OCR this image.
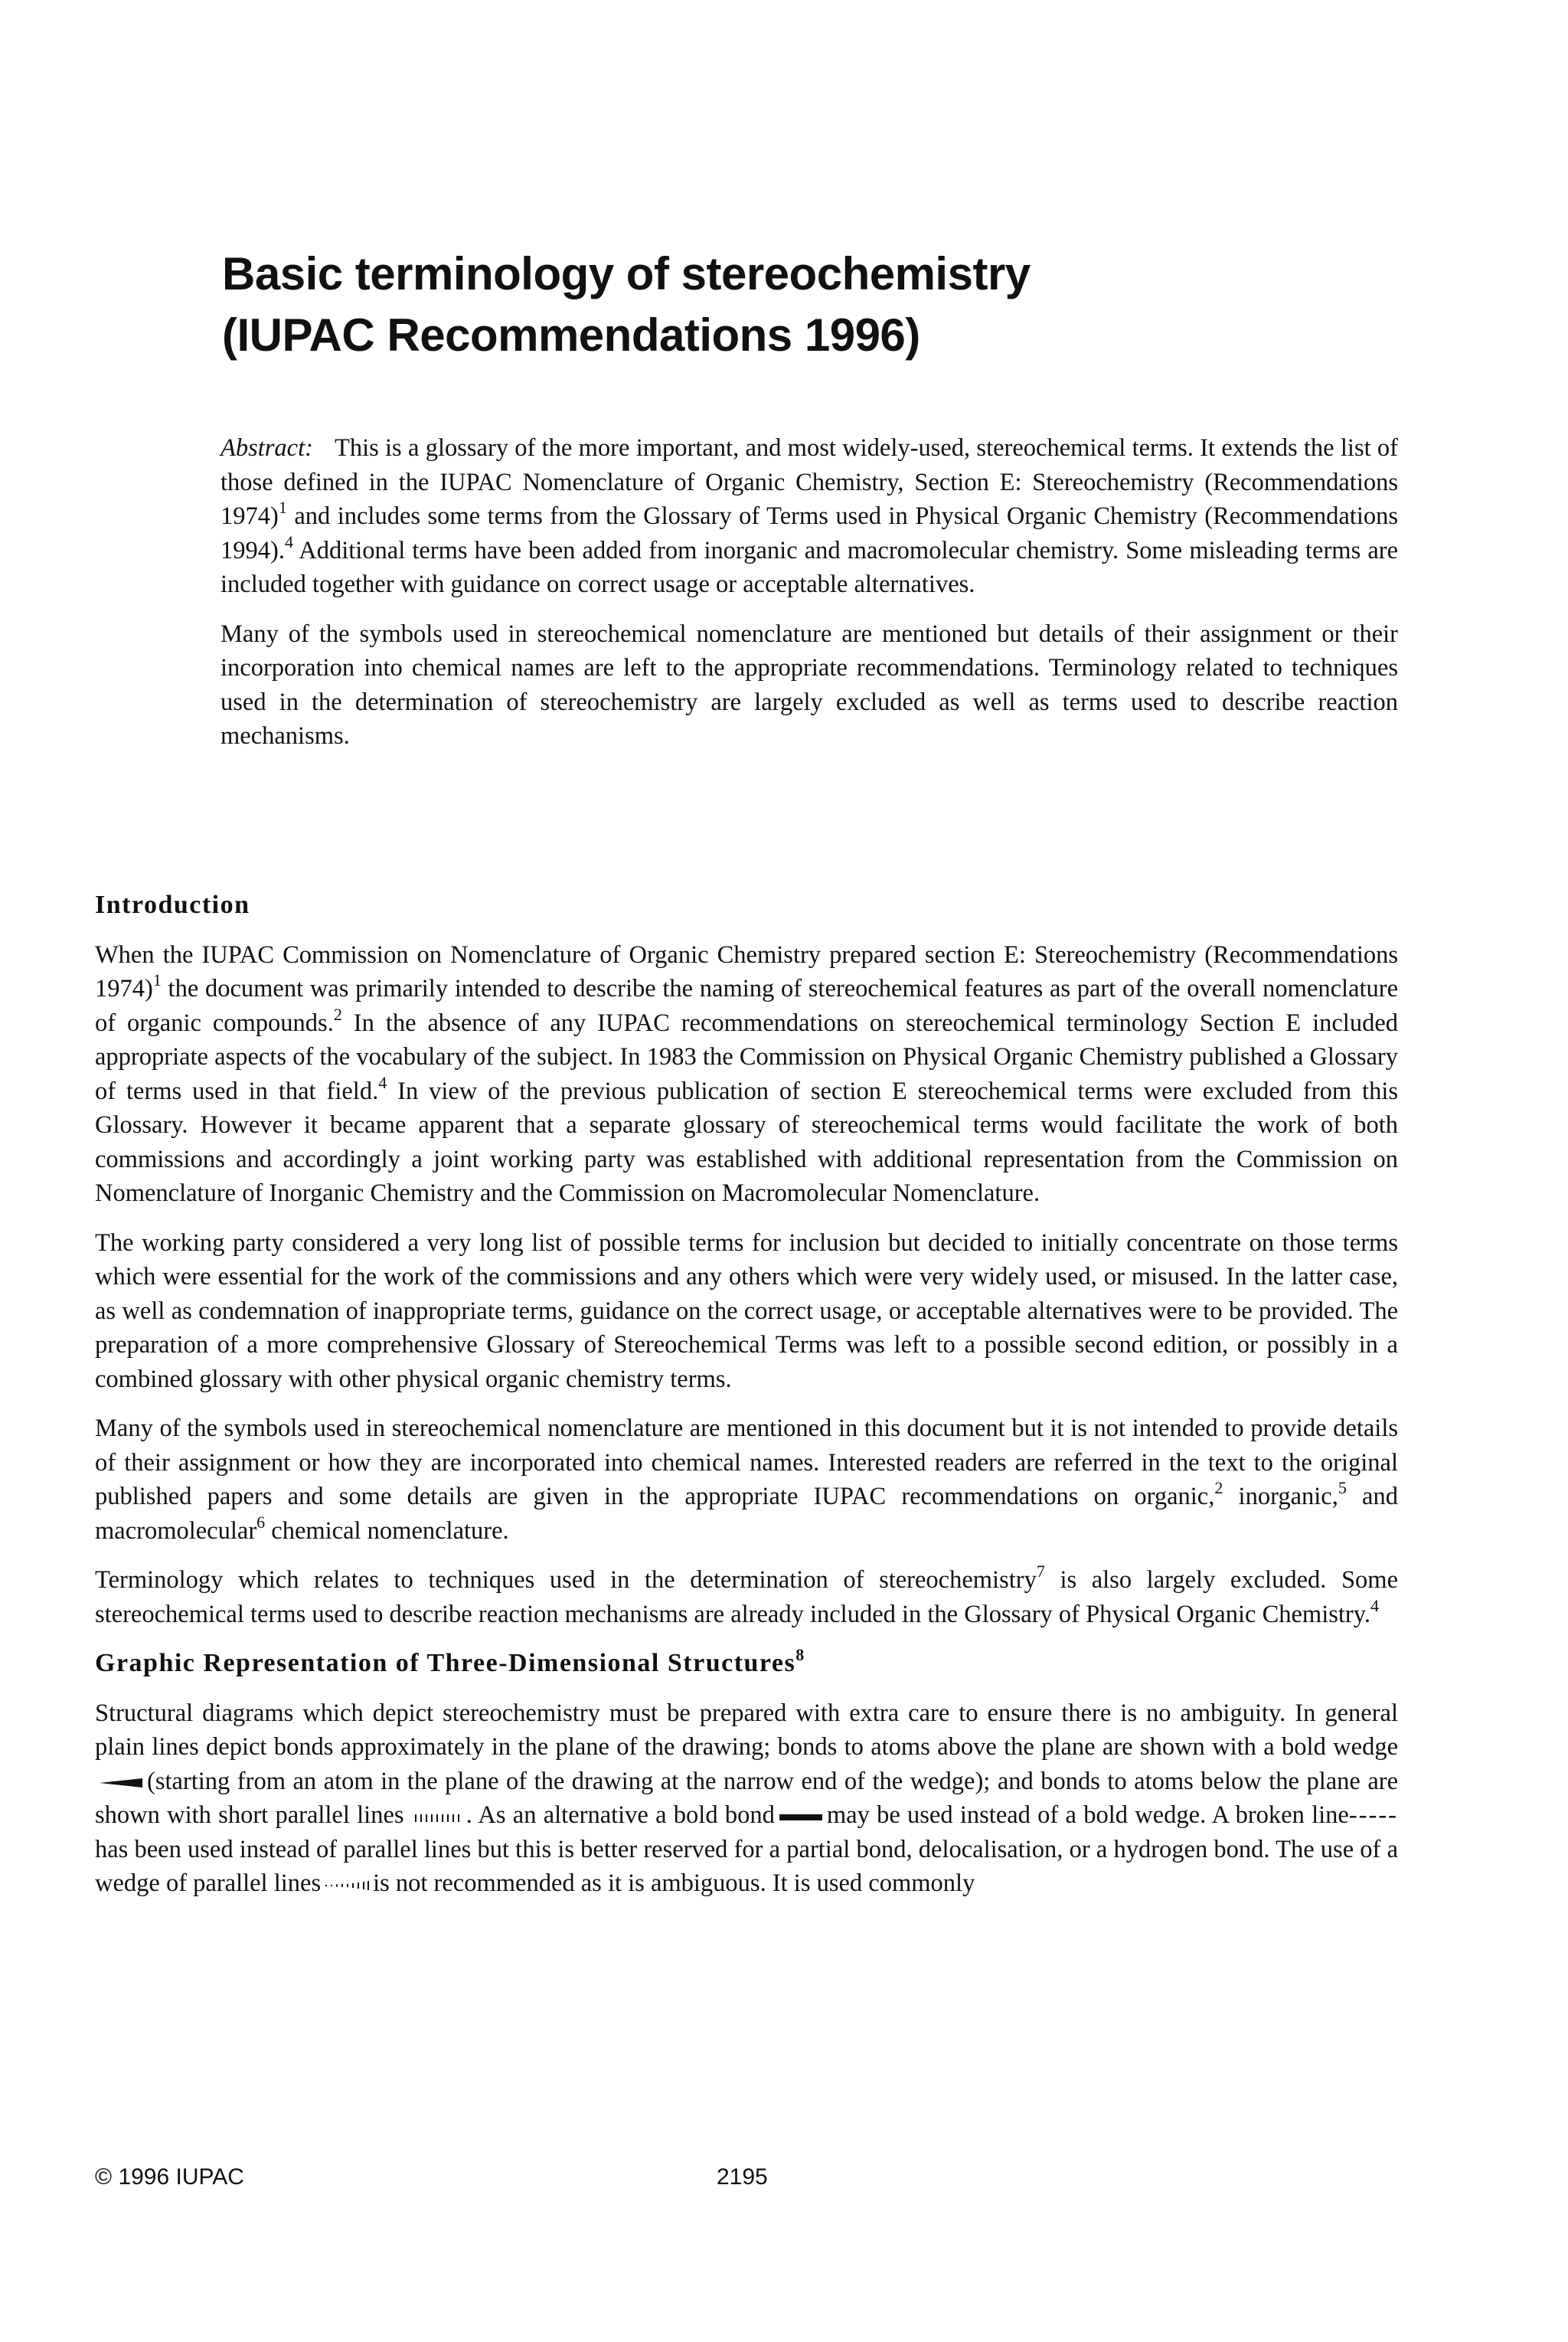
Basic terminology of stereochemistry
(IUPAC Recommendations 1996)

Abstract: This is a glossary of the more important, and most widely-used, stereochemical terms. It extends the list of those defined in the IUPAC Nomenclature of Organic Chemistry, Section E: Stereochemistry (Recommendations 1974)$^1$ and includes some terms from the Glossary of Terms used in Physical Organic Chemistry (Recommendations 1994).$^4$ Additional terms have been added from inorganic and macromolecular chemistry. Some misleading terms are included together with guidance on correct usage or acceptable alternatives.

Many of the symbols used in stereochemical nomenclature are mentioned but details of their assignment or their incorporation into chemical names are left to the appropriate recommendations. Terminology related to techniques used in the determination of stereochemistry are largely excluded as well as terms used to describe reaction mechanisms.

Introduction

When the IUPAC Commission on Nomenclature of Organic Chemistry prepared section E: Stereochemistry (Recommendations 1974)$^1$ the document was primarily intended to describe the naming of stereochemical features as part of the overall nomenclature of organic compounds.$^2$ In the absence of any IUPAC recommendations on stereochemical terminology Section E included appropriate aspects of the vocabulary of the subject. In 1983 the Commission on Physical Organic Chemistry published a Glossary of terms used in that field.$^4$ In view of the previous publication of section E stereochemical terms were excluded from this Glossary. However it became apparent that a separate glossary of stereochemical terms would facilitate the work of both commissions and accordingly a joint working party was established with additional representation from the Commission on Nomenclature of Inorganic Chemistry and the Commission on Macromolecular Nomenclature.

The working party considered a very long list of possible terms for inclusion but decided to initially concentrate on those terms which were essential for the work of the commissions and any others which were very widely used, or misused. In the latter case, as well as condemnation of inappropriate terms, guidance on the correct usage, or acceptable alternatives were to be provided. The preparation of a more comprehensive Glossary of Stereochemical Terms was left to a possible second edition, or possibly in a combined glossary with other physical organic chemistry terms.

Many of the symbols used in stereochemical nomenclature are mentioned in this document but it is not intended to provide details of their assignment or how they are incorporated into chemical names. Interested readers are referred in the text to the original published papers and some details are given in the appropriate IUPAC recommendations on organic,$^2$ inorganic,$^5$ and macromolecular$^6$ chemical nomenclature.

Terminology which relates to techniques used in the determination of stereochemistry$^7$ is also largely excluded. Some stereochemical terms used to describe reaction mechanisms are already included in the Glossary of Physical Organic Chemistry.$^4$

Graphic Representation of Three-Dimensional Structures$^8$

Structural diagrams which depict stereochemistry must be prepared with extra care to ensure there is no ambiguity. In general plain lines depict bonds approximately in the plane of the drawing; bonds to atoms above the plane are shown with a bold wedge(starting from an atom in the plane of the drawing at the narrow end of the wedge); and bonds to atoms below the plane are shown with short parallel lines	. As an alternative a bold bond may be used instead of a bold wedge. A broken line-----has been used instead of parallel lines but this is better reserved for a partial bond, delocalisation, or a hydrogen bond. The use of a wedge of parallel lines is not recommended as it is ambiguous. It is used commonly

© 1996 IUPAC	2195
